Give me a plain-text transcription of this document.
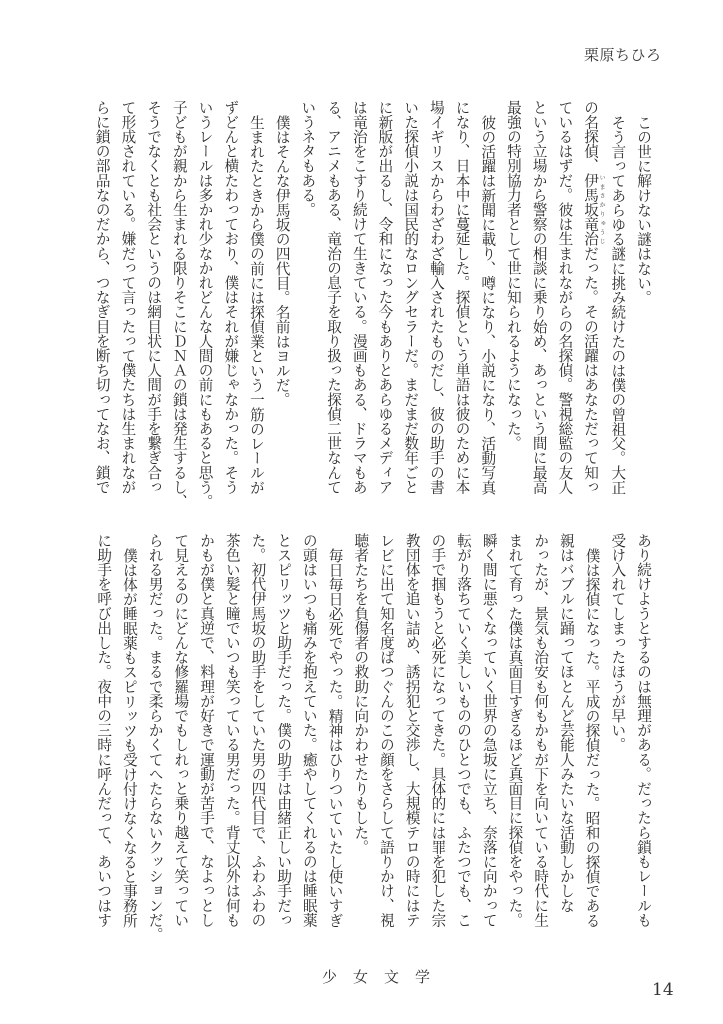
栗原ちひろ
この世に解けない謎はない。
そう言ってあらゆる謎に挑み続けたのは僕の曾祖父。大正
の名探偵、伊馬坂竜治 いまさかりゅうじだった。その活躍はあなただって知っ
ているはずだ。彼は生まれながらの名探偵。警視総監の友人
という立場から警察の相談に乗り始め、あっという間に最高
最強の特別協力者として世に知られるようになった。
彼の活躍は新聞に載り、噂になり、小説になり、活動写真
になり、日本中に蔓延した。探偵という単語は彼のために本
場イギリスからわざわざ輸入されたものだし、彼の助手の書
いた探偵小説は国民的なロングセラーだ。まだまだ数年ごと
に新版が出るし、令和になった今もありとあらゆるメディア
は竜治をこすり続けて生きている。漫画もある、ドラマもあ
る、アニメもある、竜治の息子を取り扱った探偵二世なんて
いうネタもある。
僕はそんな伊馬坂の四代目。名前はヨルだ。
生まれたときから僕の前には探偵業という一筋のレールが
ずどんと横たわっており、僕はそれが嫌じゃなかった。そう
いうレールは多かれ少なかれどんな人間の前にもあると思う。
子どもが親から生まれる限りそこにＤＮＡの鎖は発生するし、
そうでなくとも社会というのは網目状に人間が手を繋ぎ合っ
て形成されている。嫌だって言ったって僕たちは生まれなが
らに鎖の部品なのだから、つなぎ目を断ち切ってなお、鎖で
あり続けようとするのは無理がある。だったら鎖もレールも
受け入れてしまったほうが早い。
僕は探偵になった。平成の探偵だった。昭和の探偵である
親はバブルに踊ってほとんど芸能人みたいな活動しかしな
かったが、景気も治安も何もかもが下を向いている時代に生
まれて育った僕は真面目すぎるほど真面目に探偵をやった。
瞬く間に悪くなっていく世界の急坂に立ち、奈落に向かって
転がり落ちていく美しいもののひとつでも、ふたつでも、こ
の手で掴もうと必死になってきた。具体的には罪を犯した宗
教団体を追い詰め、誘拐犯と交渉し、大規模テロの時にはテ
レビに出て知名度ばつぐんのこの顔をさらして語りかけ、視
聴者たちを負傷者の救助に向かわせたりもした。
毎日毎日必死でやった。精神はひりついていたし使いすぎ
の頭はいつも痛みを抱えていた。癒やしてくれるのは睡眠薬
とスピリッツと助手だった。僕の助手は由緒正しい助手だっ
た。初代伊馬坂の助手をしていた男の四代目で、ふわふわの
茶色い髪と瞳でいつも笑っている男だった。背丈以外は何も
かもが僕と真逆で、料理が好きで運動が苦手で、なよっとし
て見えるのにどんな修羅場でもしれっと乗り越えて笑ってい
られる男だった。まるで柔らかくてへたらないクッションだ。
僕は体が睡眠薬もスピリッツも受け付けなくなると事務所
に助手を呼び出した。夜中の三時に呼んだって、あいつはす
少女文学
14
